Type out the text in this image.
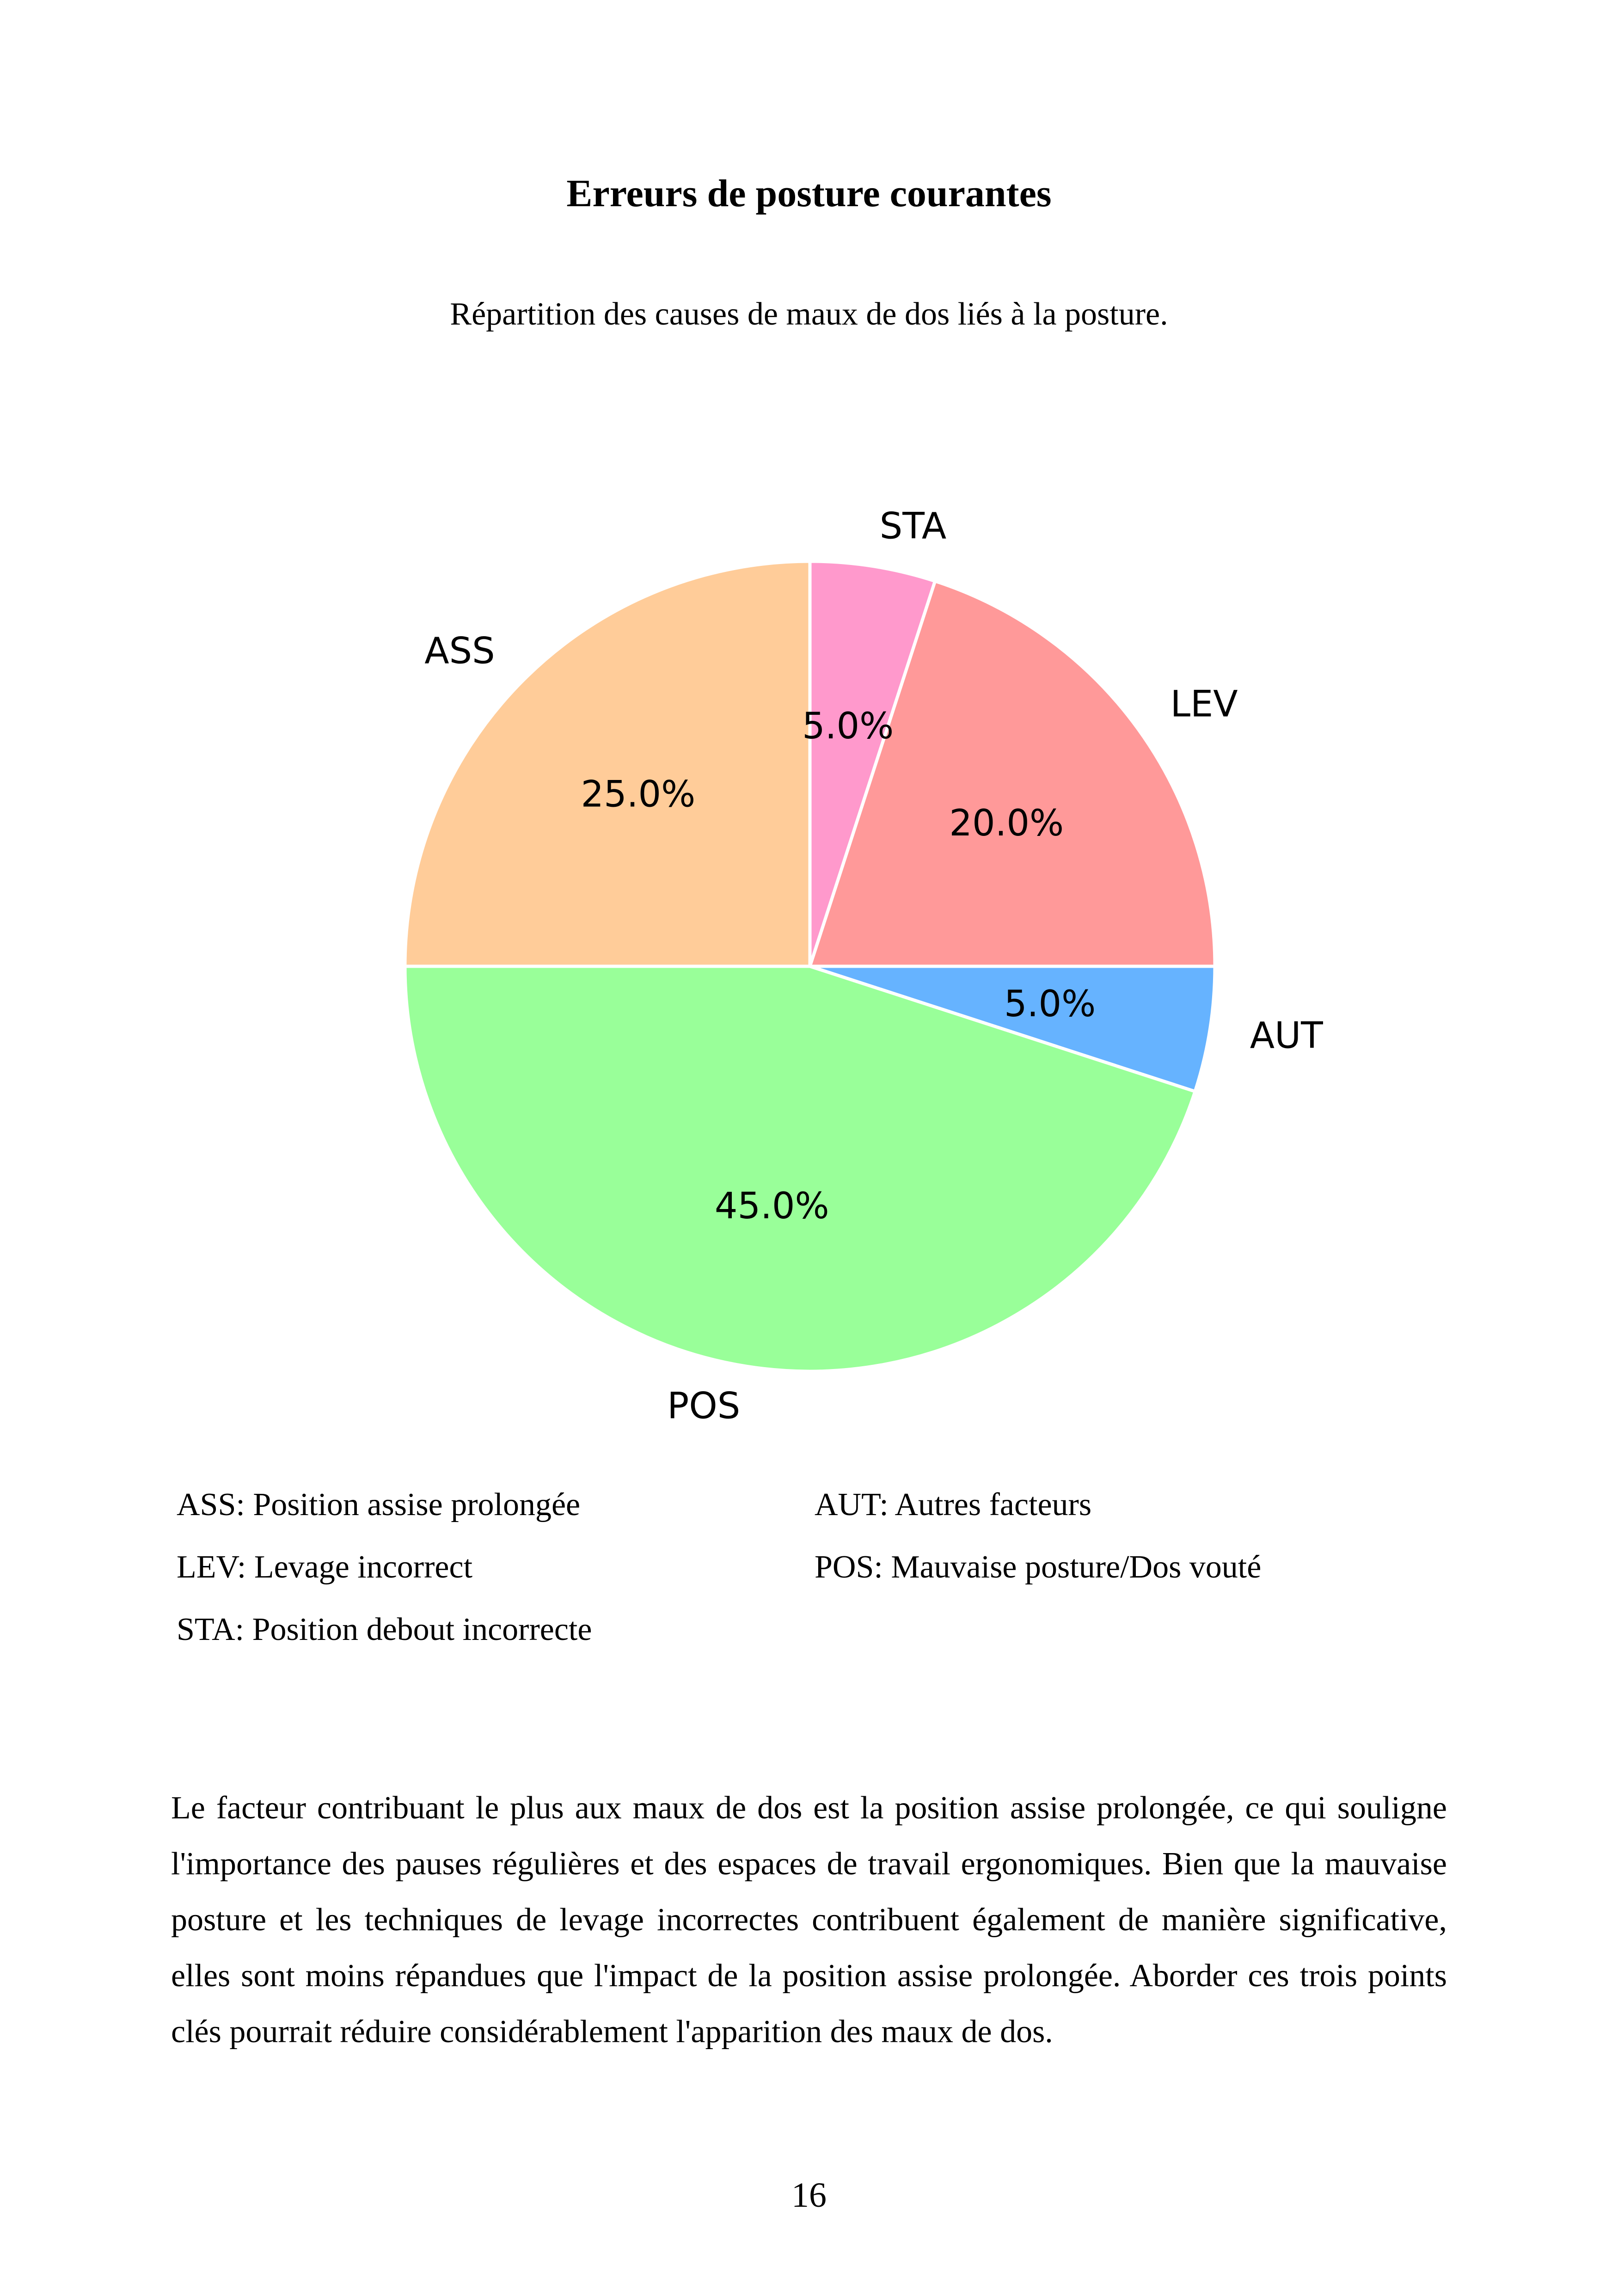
Erreurs de posture courantes
Répartition des causes de maux de dos liés à la posture.
AUT
5.0%
POS
45.0%
ASS
25.0%
STA
5.0%
LEV
20.0%
ASS: Position assise prolongée	AUT: Autres facteurs
LEV: Levage incorrect	POS: Mauvaise posture/Dos vouté
STA: Position debout incorrecte
Le facteur contribuant le plus aux maux de dos est la position assise prolongée, ce qui souligne l'importance des pauses régulières et des espaces de travail ergonomiques. Bien que la mauvaise posture et les techniques de levage incorrectes contribuent également de manière significative, elles sont moins répandues que l'impact de la position assise prolongée. Aborder ces trois points clés pourrait réduire considérablement l'apparition des maux de dos.
16
